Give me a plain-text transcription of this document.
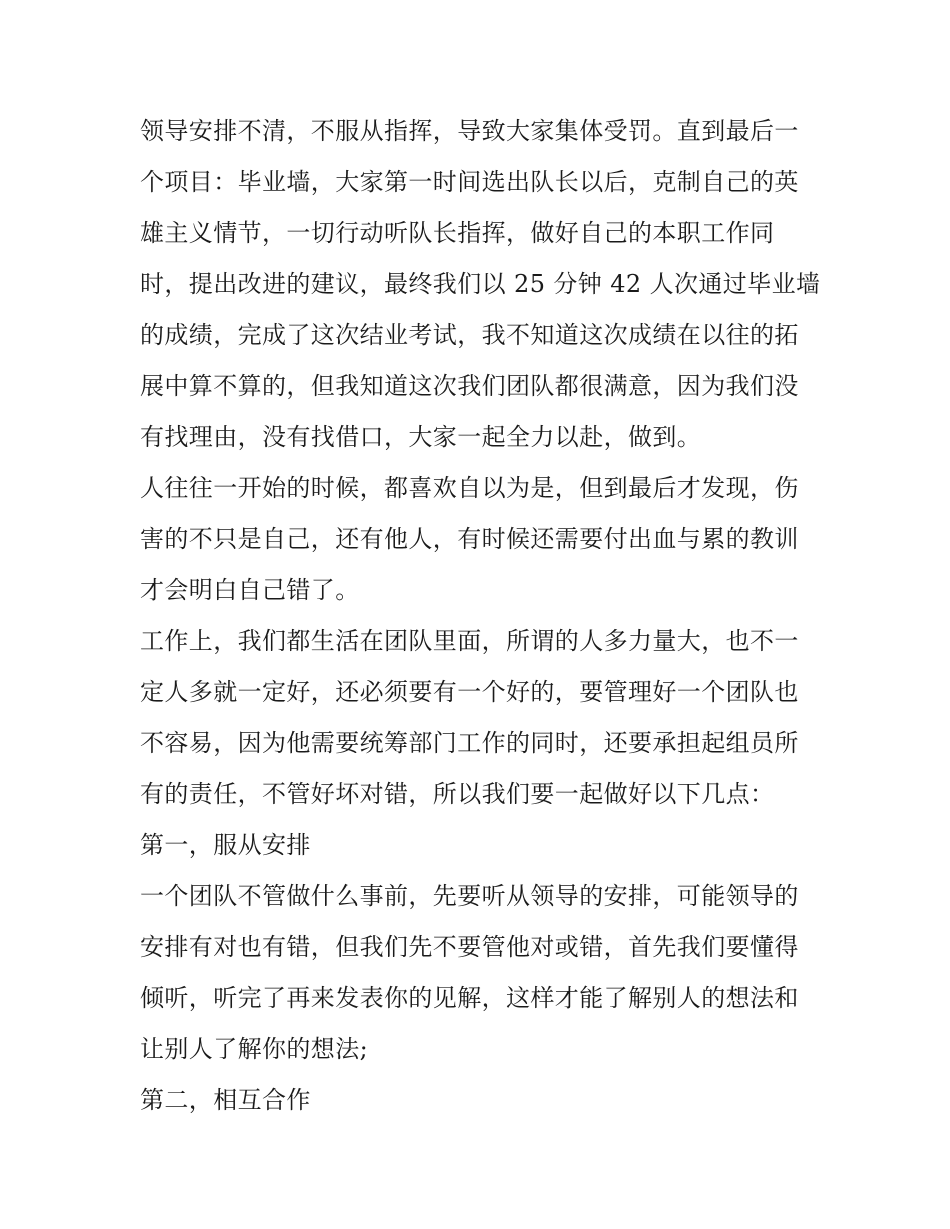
领导安排不清，不服从指挥，导致大家集体受罚。直到最后一
个项目：毕业墙，大家第一时间选出队长以后，克制自己的英
雄主义情节，一切行动听队长指挥，做好自己的本职工作同
时，提出改进的建议，最终我们以 25 分钟 42 人次通过毕业墙
的成绩，完成了这次结业考试，我不知道这次成绩在以往的拓
展中算不算的，但我知道这次我们团队都很满意，因为我们没
有找理由，没有找借口，大家一起全力以赴，做到。
人往往一开始的时候，都喜欢自以为是，但到最后才发现，伤
害的不只是自己，还有他人，有时候还需要付出血与累的教训
才会明白自己错了。
工作上，我们都生活在团队里面，所谓的人多力量大，也不一
定人多就一定好，还必须要有一个好的，要管理好一个团队也
不容易，因为他需要统筹部门工作的同时，还要承担起组员所
有的责任，不管好坏对错，所以我们要一起做好以下几点：
第一，服从安排
一个团队不管做什么事前，先要听从领导的安排，可能领导的
安排有对也有错，但我们先不要管他对或错，首先我们要懂得
倾听，听完了再来发表你的见解，这样才能了解别人的想法和
让别人了解你的想法;
第二，相互合作
